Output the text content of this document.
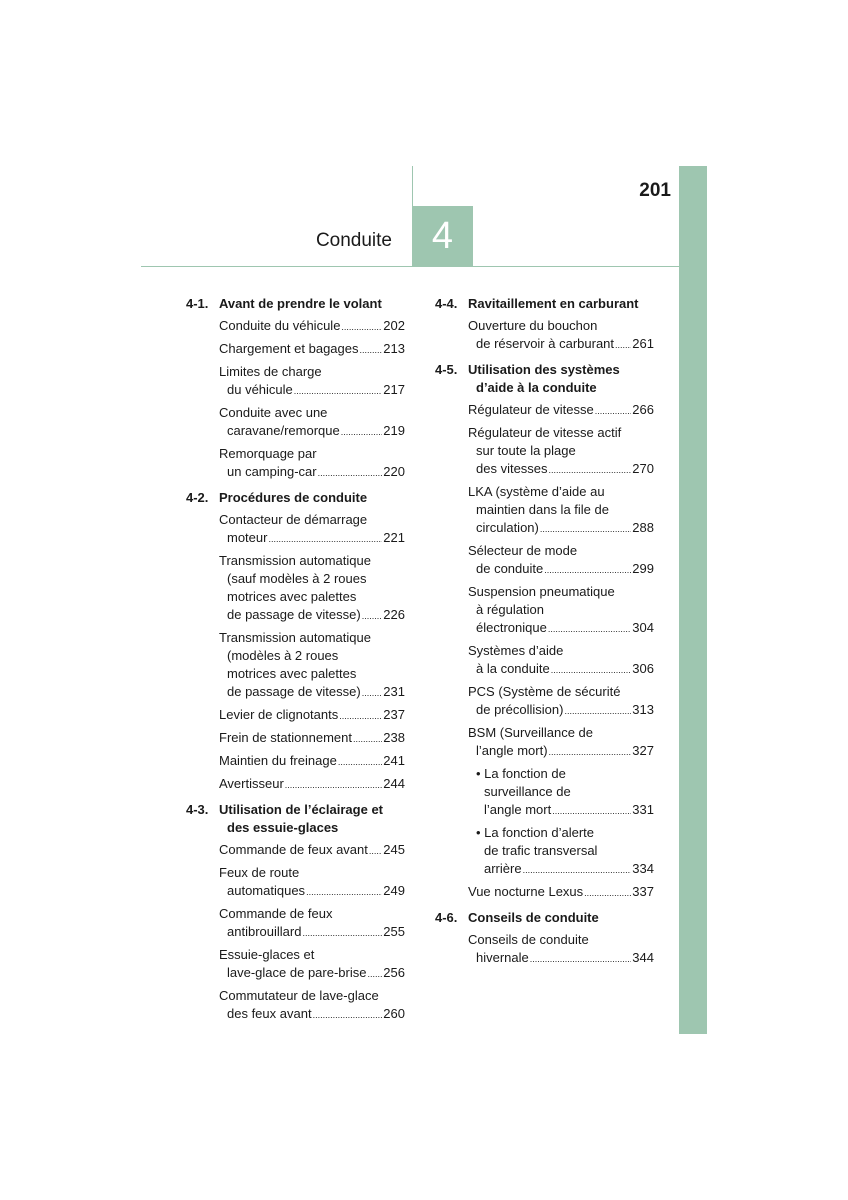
201
Conduite	4
4-1. Avant de prendre le volant
Conduite du véhicule .....	202
Chargement et bagages ..... 213
Limites de charge
du véhicule .....	217
Conduite avec une
caravane/remorque .....	219
Remorquage par
un camping-car .....	220
4-2. Procédures de conduite
Contacteur de démarrage
moteur .....	221
Transmission automatique
(sauf modèles à 2 roues
motrices avec palettes
de passage de vitesse) ..... 226
Transmission automatique
(modèles à 2 roues
motrices avec palettes
de passage de vitesse) ..... 231
Levier de clignotants .....	237
Frein de stationnement ..... 238
Maintien du freinage .....	241
Avertisseur .....	244
4-3. Utilisation de l’éclairage et
des essuie-glaces
Commande de feux avant ..... 245
Feux de route
automatiques .....	249
Commande de feux
antibrouillard .....	255
Essuie-glaces et
lave-glace de pare-brise ..... 256
Commutateur de lave-glace
des feux avant .....	260
4-4. Ravitaillement en carburant
Ouverture du bouchon
de réservoir à carburant ..... 261
4-5. Utilisation des systèmes
d’aide à la conduite
Régulateur de vitesse .....	266
Régulateur de vitesse actif
sur toute la plage
des vitesses .....	270
LKA (système d’aide au
maintien dans la file de
circulation) .....	288
Sélecteur de mode
de conduite .....	299
Suspension pneumatique
à régulation
électronique .....	304
Systèmes d’aide
à la conduite .....	306
PCS (Système de sécurité
de précollision) .....	313
BSM (Surveillance de
l’angle mort) .....	327
• La fonction de
surveillance de
l’angle mort .....	331
• La fonction d’alerte
de trafic transversal
arrière .....	334
Vue nocturne Lexus .....	337
4-6. Conseils de conduite
Conseils de conduite
hivernale .....	344
